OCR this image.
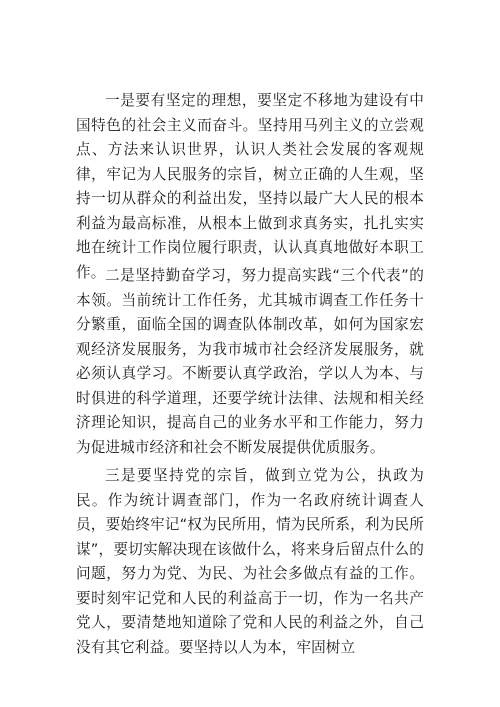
一是要有坚定的理想，要坚定不移地为建设有中国特色的社会主义而奋斗。坚持用马列主义的立尝观点、方法来认识世界，认识人类社会发展的客观规律，牢记为人民服务的宗旨，树立正确的人生观，坚持一切从群众的利益出发，坚持以最广大人民的根本利益为最高标准，从根本上做到求真务实，扎扎实实地在统计工作岗位履行职责，认认真真地做好本职工作。 二是坚持勤奋学习，努力提高实践“三个代表”的本领。当前统计工作任务，尤其城市调查工作任务十分繁重，面临全国的调查队体制改革，如何为国家宏观经济发展服务，为我市城市社会经济发展服务，就必须认真学习。不断要认真学政治，学以人为本、与时俱进的科学道理，还要学统计法律、法规和相关经济理论知识，提高自己的业务水平和工作能力，努力为促进城市经济和社会不断发展提供优质服务。

三是要坚持党的宗旨，做到立党为公，执政为民。作为统计调查部门，作为一名政府统计调查人员，要始终牢记“权为民所用，情为民所系，利为民所谋”，要切实解决现在该做什么，将来身后留点什么的问题，努力为党、为民、为社会多做点有益的工作。要时刻牢记党和人民的利益高于一切，作为一名共产党人，要清楚地知道除了党和人民的利益之外，自己没有其它利益。要坚持以人为本，牢固树立
